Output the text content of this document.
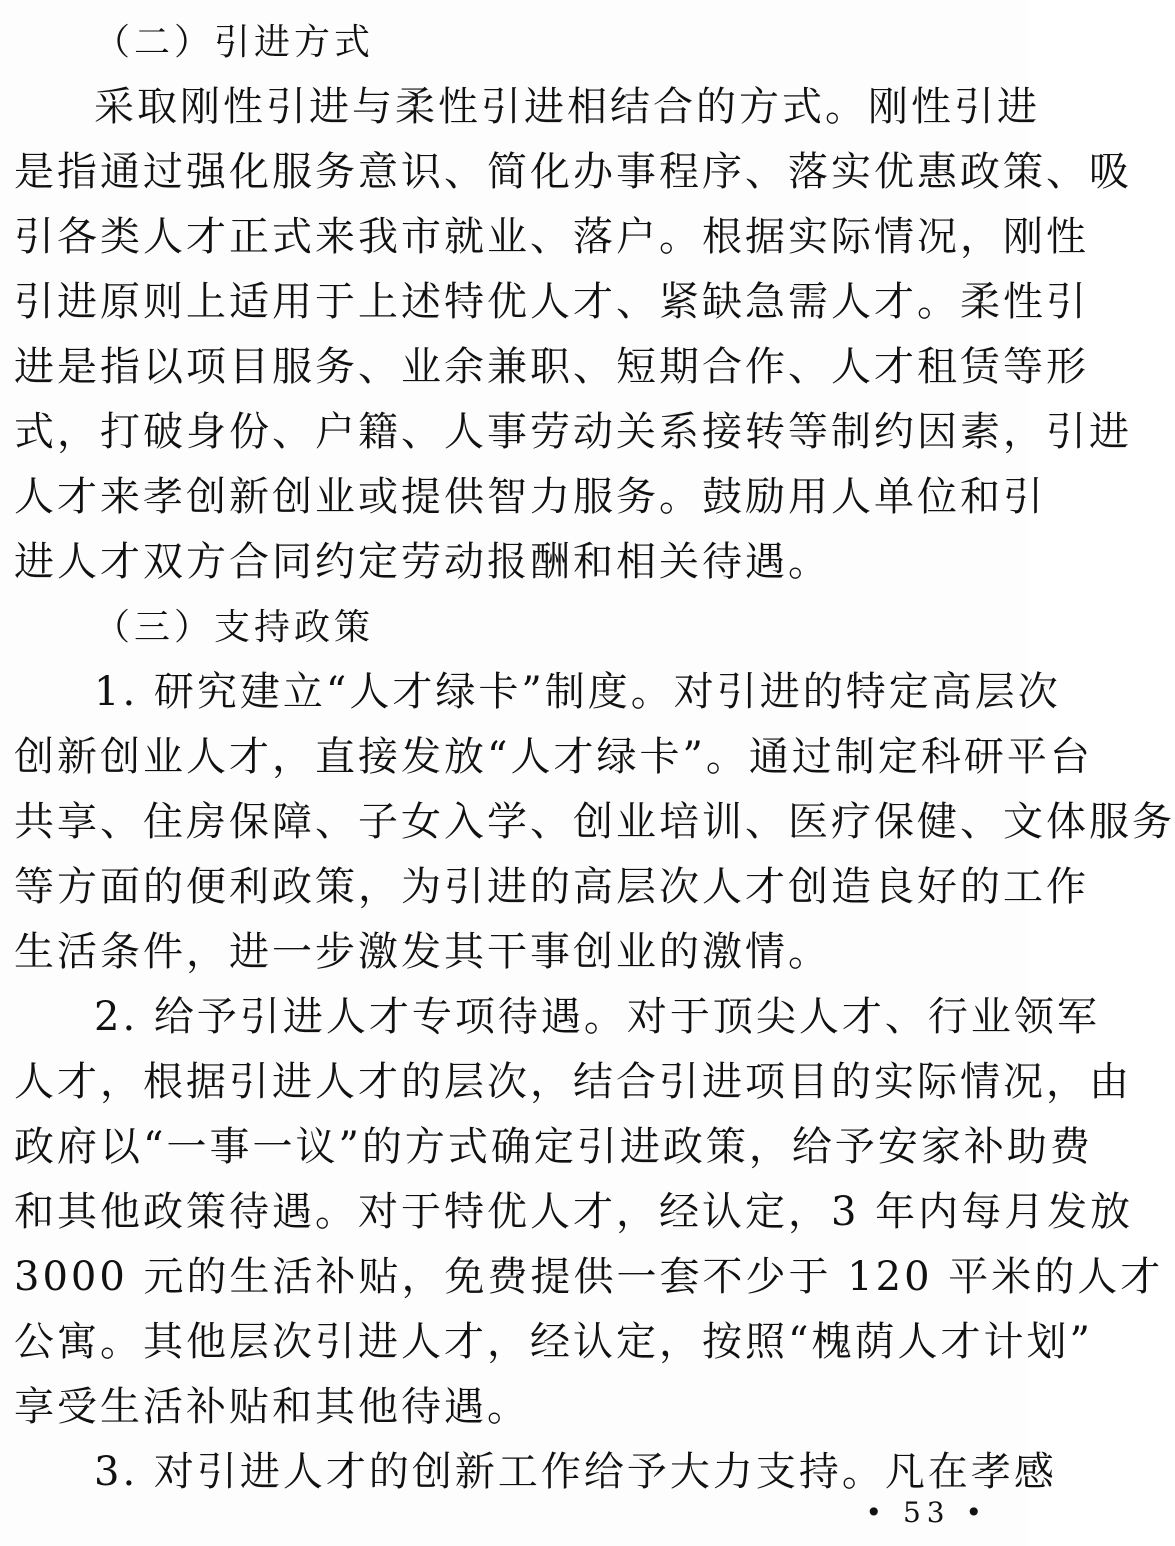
（二）引进方式
采取刚性引进与柔性引进相结合的方式。刚性引进
是指通过强化服务意识、简化办事程序、落实优惠政策、吸
引各类人才正式来我市就业、落户。根据实际情况，刚性
引进原则上适用于上述特优人才、紧缺急需人才。柔性引
进是指以项目服务、业余兼职、短期合作、人才租赁等形
式，打破身份、户籍、人事劳动关系接转等制约因素，引进
人才来孝创新创业或提供智力服务。鼓励用人单位和引
进人才双方合同约定劳动报酬和相关待遇。
（三）支持政策
1. 研究建立“人才绿卡”制度。对引进的特定高层次
创新创业人才，直接发放“人才绿卡”。通过制定科研平台
共享、住房保障、子女入学、创业培训、医疗保健、文体服务
等方面的便利政策，为引进的高层次人才创造良好的工作
生活条件，进一步激发其干事创业的激情。
2. 给予引进人才专项待遇。对于顶尖人才、行业领军
人才，根据引进人才的层次，结合引进项目的实际情况，由
政府以“一事一议”的方式确定引进政策，给予安家补助费
和其他政策待遇。对于特优人才，经认定，3 年内每月发放
3000 元的生活补贴，免费提供一套不少于 120 平米的人才
公寓。其他层次引进人才，经认定，按照“槐荫人才计划”
享受生活补贴和其他待遇。
3. 对引进人才的创新工作给予大力支持。凡在孝感
• 53 •
